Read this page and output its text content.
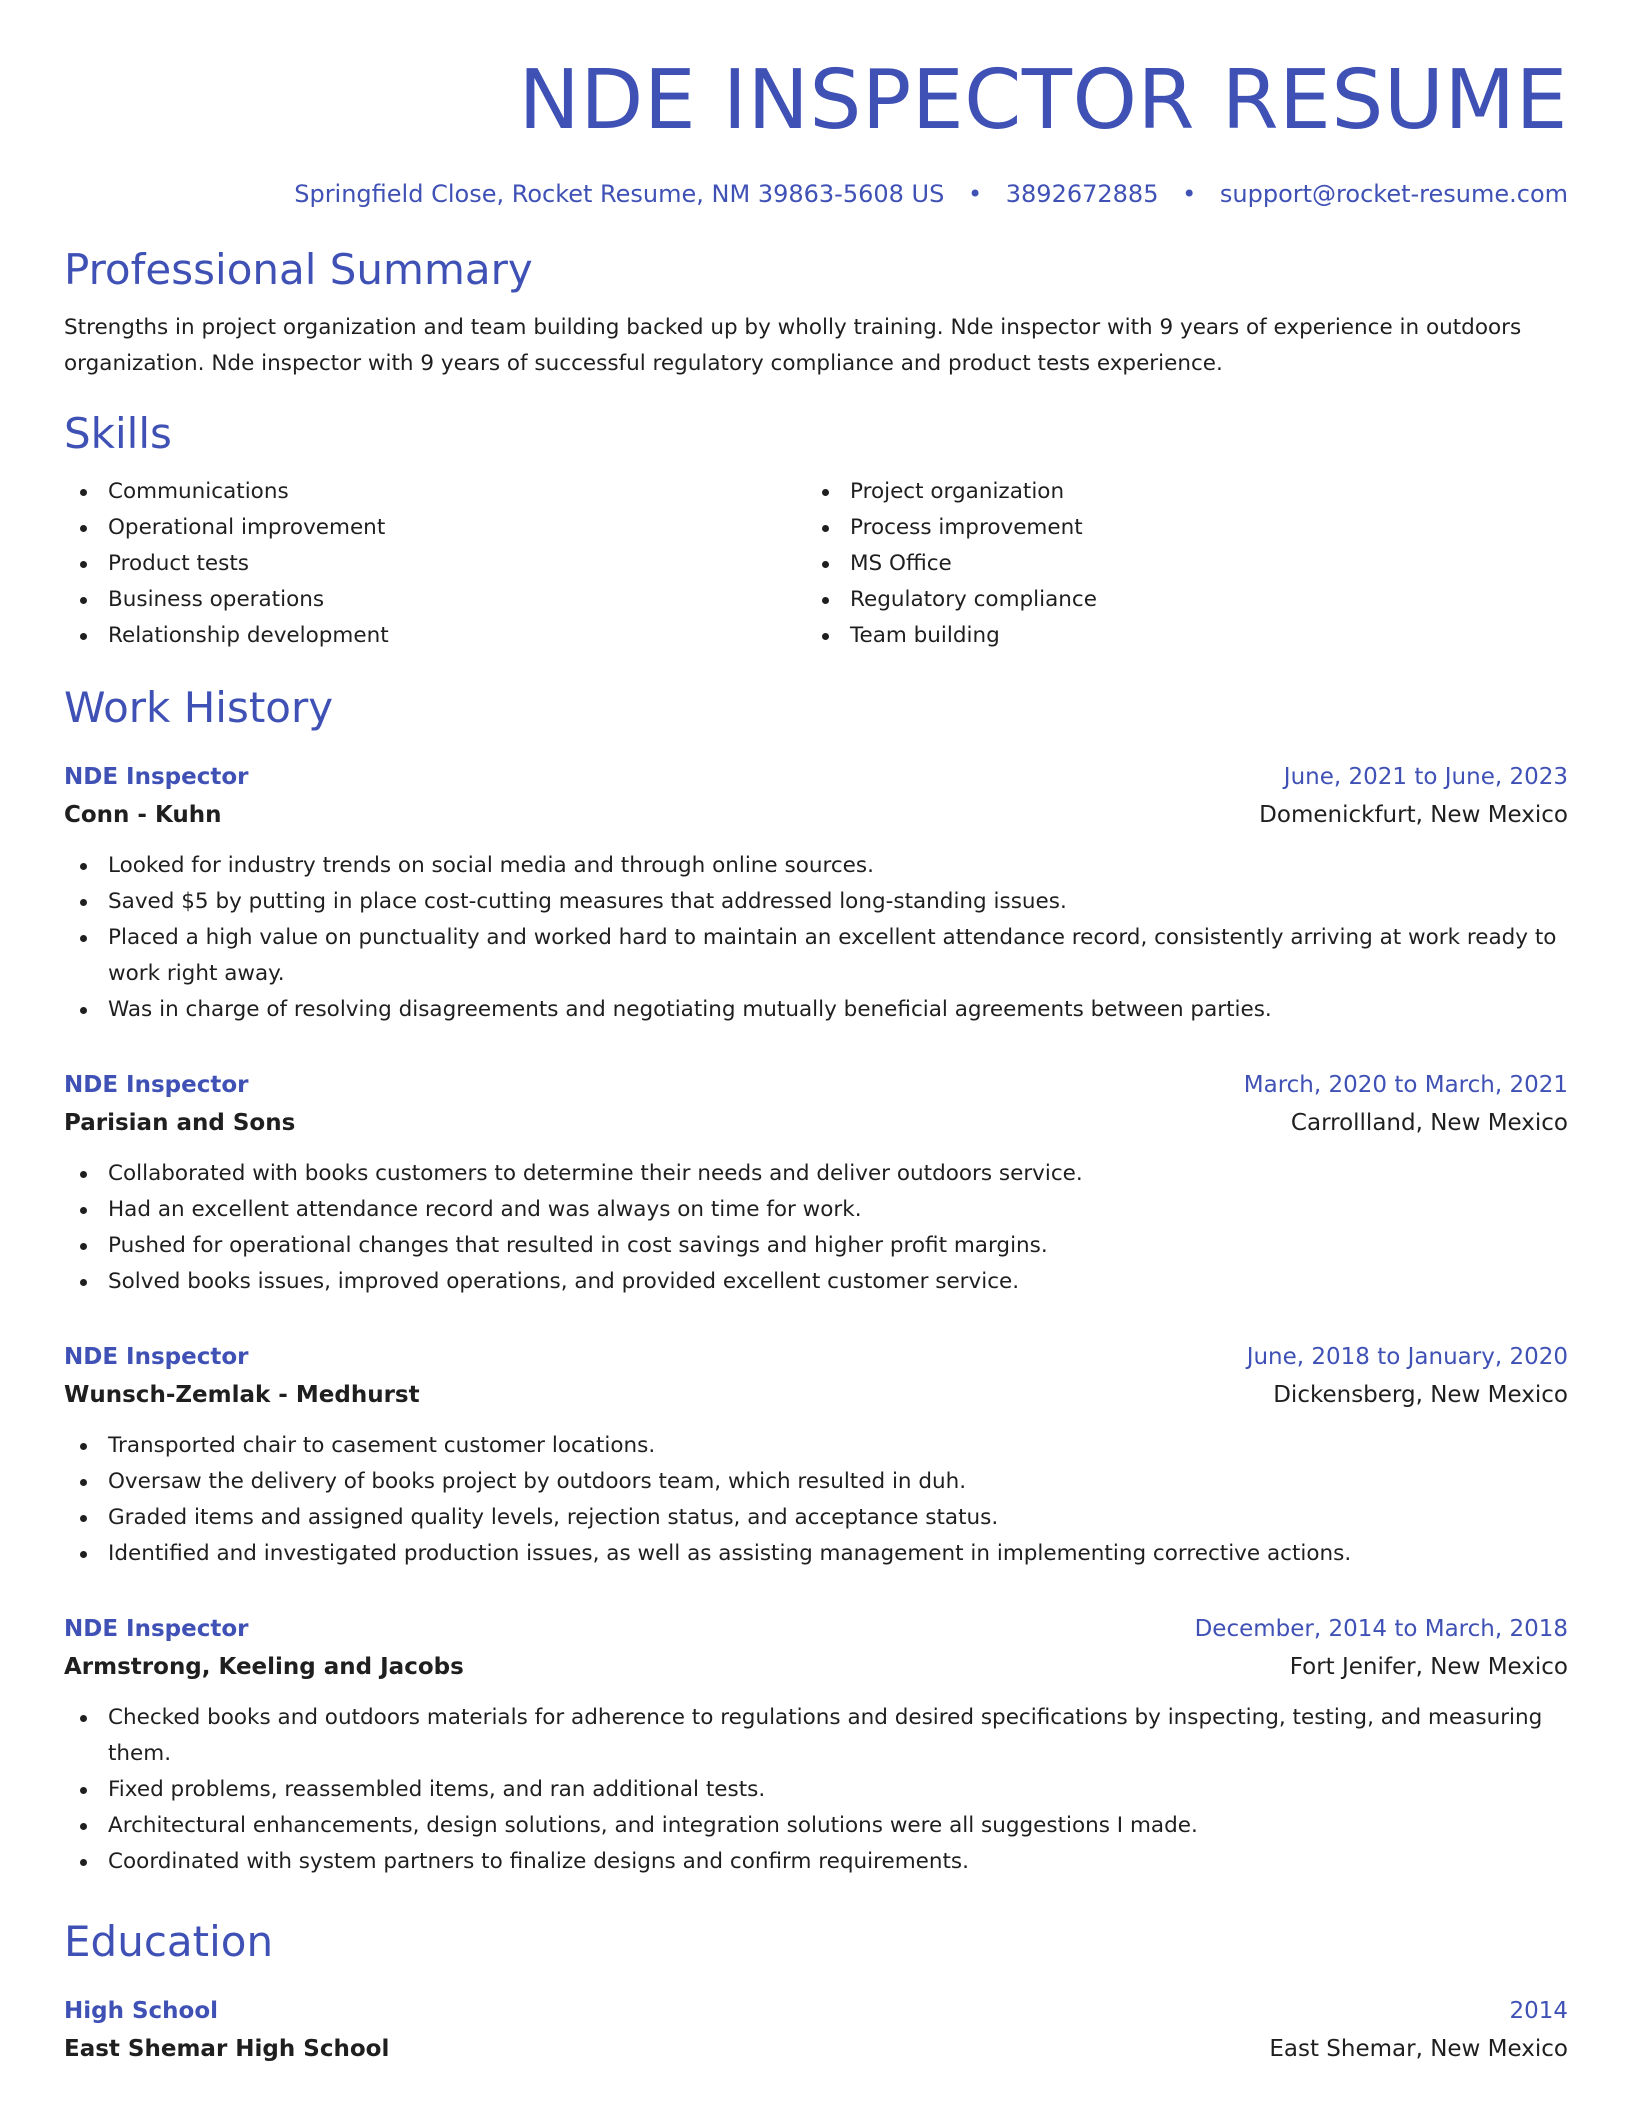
NDE INSPECTOR RESUME
Springfield Close, Rocket Resume, NM 39863-5608 US • 3892672885 • support@rocket-resume.com
Professional Summary

Strengths in project organization and team building backed up by wholly training. Nde inspector with 9 years of experience in outdoors organization. Nde inspector with 9 years of successful regulatory compliance and product tests experience.

Skills
Communications
Operational improvement
Product tests
Business operations
Relationship development
Project organization
Process improvement
MS Office
Regulatory compliance
Team building
Work History
NDE Inspector	June, 2021 to June, 2023
Conn - Kuhn	Domenickfurt, New Mexico
Looked for industry trends on social media and through online sources.
Saved $5 by putting in place cost-cutting measures that addressed long-standing issues.
Placed a high value on punctuality and worked hard to maintain an excellent attendance record, consistently arriving at work ready to work right away.
Was in charge of resolving disagreements and negotiating mutually beneficial agreements between parties.
NDE Inspector	March, 2020 to March, 2021
Parisian and Sons	Carrollland, New Mexico
Collaborated with books customers to determine their needs and deliver outdoors service.
Had an excellent attendance record and was always on time for work.
Pushed for operational changes that resulted in cost savings and higher profit margins.
Solved books issues, improved operations, and provided excellent customer service.
NDE Inspector	June, 2018 to January, 2020
Wunsch-Zemlak - Medhurst	Dickensberg, New Mexico
Transported chair to casement customer locations.
Oversaw the delivery of books project by outdoors team, which resulted in duh.
Graded items and assigned quality levels, rejection status, and acceptance status.
Identified and investigated production issues, as well as assisting management in implementing corrective actions.
NDE Inspector	December, 2014 to March, 2018
Armstrong, Keeling and Jacobs	Fort Jenifer, New Mexico
Checked books and outdoors materials for adherence to regulations and desired specifications by inspecting, testing, and measuring them.
Fixed problems, reassembled items, and ran additional tests.
Architectural enhancements, design solutions, and integration solutions were all suggestions I made.
Coordinated with system partners to finalize designs and confirm requirements.
Education
High School	2014
East Shemar High School	East Shemar, New Mexico
